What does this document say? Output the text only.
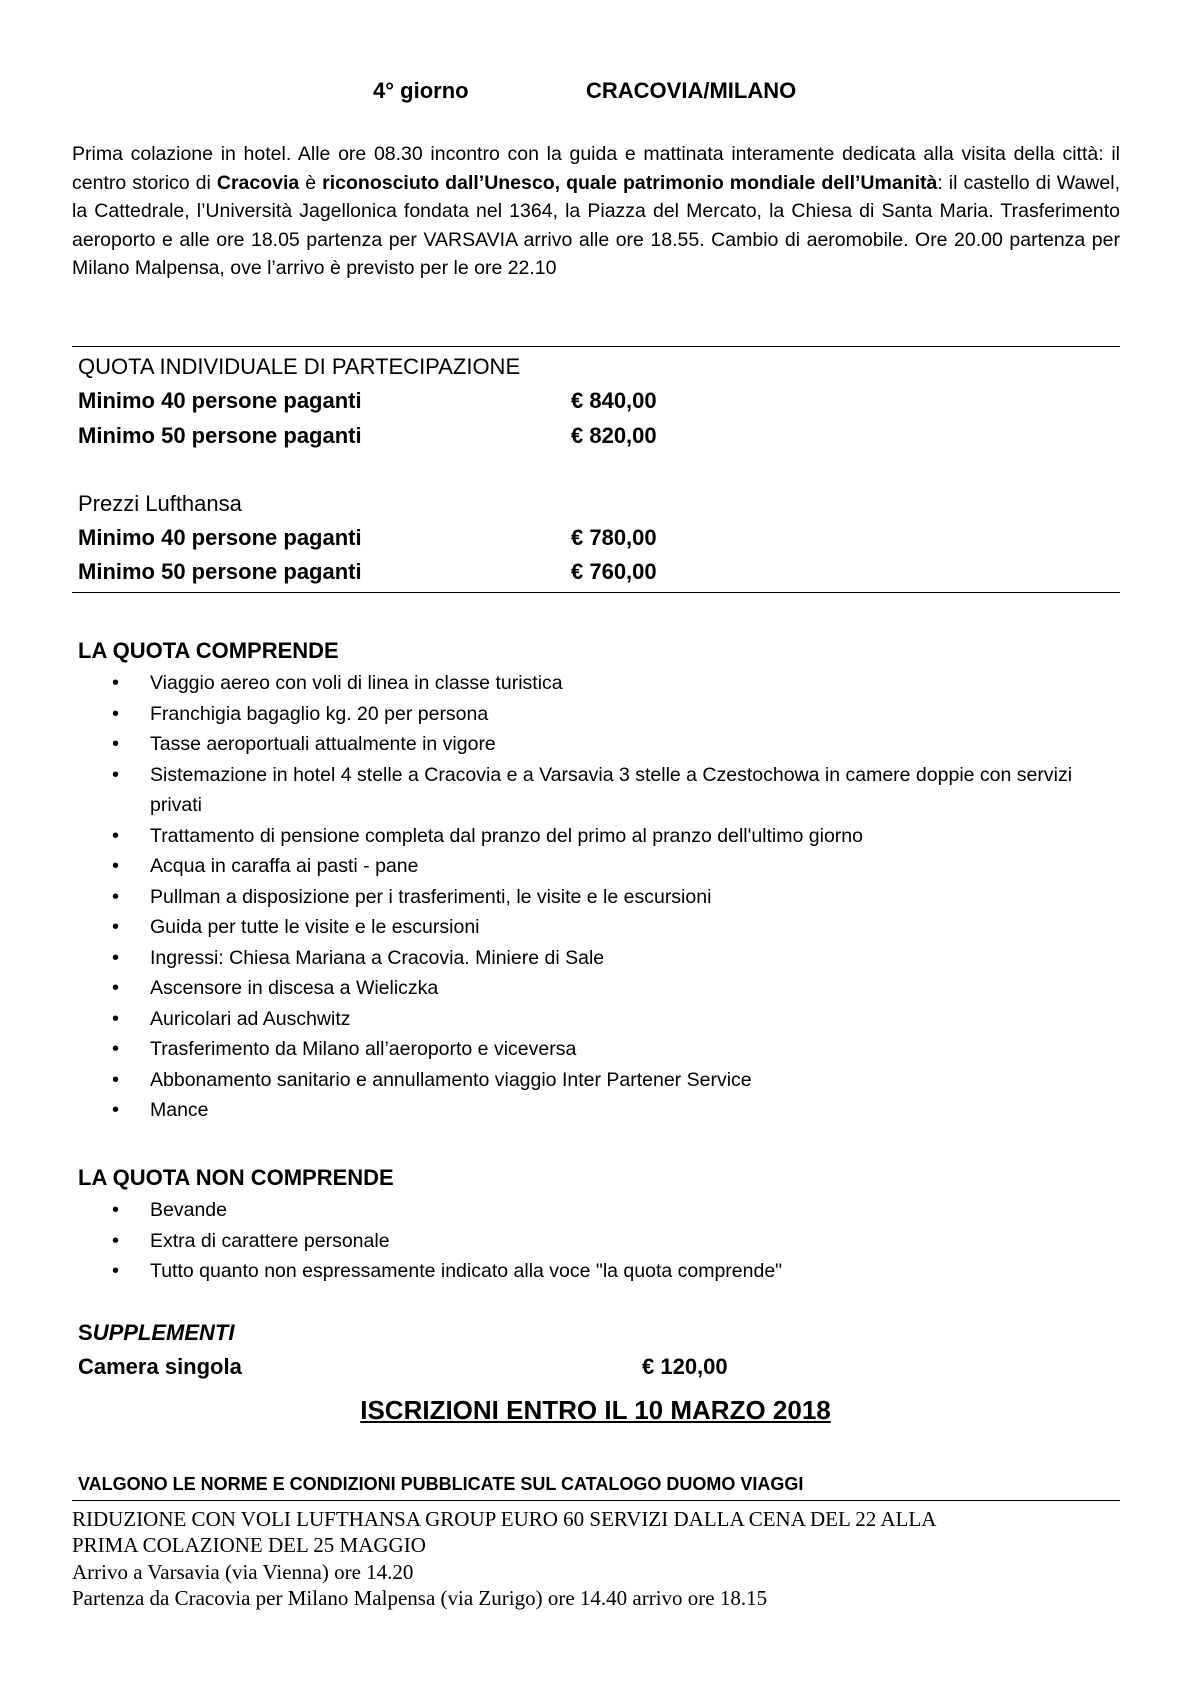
4° giorno	CRACOVIA/MILANO
Prima colazione in hotel. Alle ore 08.30 incontro con la guida e mattinata interamente dedicata alla visita della città: il centro storico di Cracovia è riconosciuto dall’Unesco, quale patrimonio mondiale dell’Umanità: il castello di Wawel, la Cattedrale, l’Università Jagellonica fondata nel 1364, la Piazza del Mercato, la Chiesa di Santa Maria. Trasferimento aeroporto e alle ore 18.05 partenza per VARSAVIA arrivo alle ore 18.55. Cambio di aeromobile. Ore 20.00 partenza per Milano Malpensa, ove l’arrivo è previsto per le ore 22.10
QUOTA INDIVIDUALE DI PARTECIPAZIONE
Minimo 40 persone paganti	€ 840,00
Minimo 50 persone paganti	€ 820,00
Prezzi Lufthansa
Minimo 40 persone paganti	€ 780,00
Minimo 50 persone paganti	€ 760,00
LA QUOTA COMPRENDE
• Viaggio aereo con voli di linea in classe turistica
• Franchigia bagaglio kg. 20 per persona
• Tasse aeroportuali attualmente in vigore
• Sistemazione in hotel 4 stelle a Cracovia e a Varsavia 3 stelle a Czestochowa in camere doppie con servizi privati
• Trattamento di pensione completa dal pranzo del primo al pranzo dell'ultimo giorno
• Acqua in caraffa ai pasti - pane
• Pullman a disposizione per i trasferimenti, le visite e le escursioni
• Guida per tutte le visite e le escursioni
• Ingressi: Chiesa Mariana a Cracovia. Miniere di Sale
• Ascensore in discesa a Wieliczka
• Auricolari ad Auschwitz
• Trasferimento da Milano all’aeroporto e viceversa
• Abbonamento sanitario e annullamento viaggio Inter Partener Service
• Mance
LA QUOTA NON COMPRENDE
• Bevande
• Extra di carattere personale
• Tutto quanto non espressamente indicato alla voce "la quota comprende"
SUPPLEMENTI
Camera singola	€ 120,00
ISCRIZIONI ENTRO IL 10 MARZO 2018
VALGONO LE NORME E CONDIZIONI PUBBLICATE SUL CATALOGO DUOMO VIAGGI
RIDUZIONE CON VOLI LUFTHANSA GROUP EURO 60 SERVIZI DALLA CENA DEL 22 ALLA
PRIMA COLAZIONE DEL 25 MAGGIO
Arrivo a Varsavia (via Vienna) ore 14.20
Partenza da Cracovia per Milano Malpensa (via Zurigo) ore 14.40 arrivo ore 18.15
